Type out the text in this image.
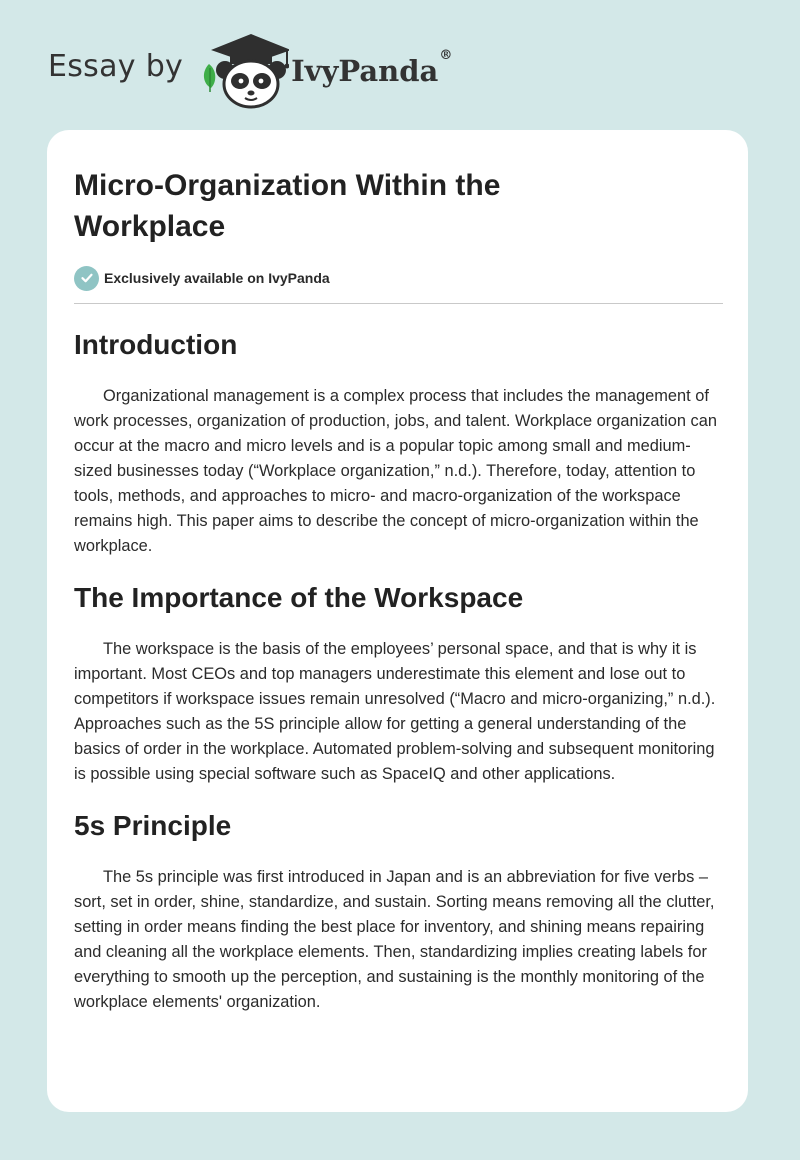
Essay by	IvyPanda®
Micro-Organization Within the Workplace
Exclusively available on IvyPanda
Introduction

Organizational management is a complex process that includes the management of work processes, organization of production, jobs, and talent. Workplace organization can occur at the macro and micro levels and is a popular topic among small and medium-sized businesses today (“Workplace organization,” n.d.). Therefore, today, attention to tools, methods, and approaches to micro- and macro-organization of the workspace remains high. This paper aims to describe the concept of micro-organization within the workplace.

The Importance of the Workspace

The workspace is the basis of the employees’ personal space, and that is why it is important. Most CEOs and top managers underestimate this element and lose out to competitors if workspace issues remain unresolved (“Macro and micro-organizing,” n.d.). Approaches such as the 5S principle allow for getting a general understanding of the basics of order in the workplace. Automated problem-solving and subsequent monitoring is possible using special software such as SpaceIQ and other applications.

5s Principle

The 5s principle was first introduced in Japan and is an abbreviation for five verbs – sort, set in order, shine, standardize, and sustain. Sorting means removing all the clutter, setting in order means finding the best place for inventory, and shining means repairing and cleaning all the workplace elements. Then, standardizing implies creating labels for everything to smooth up the perception, and sustaining is the monthly monitoring of the workplace elements' organization.
